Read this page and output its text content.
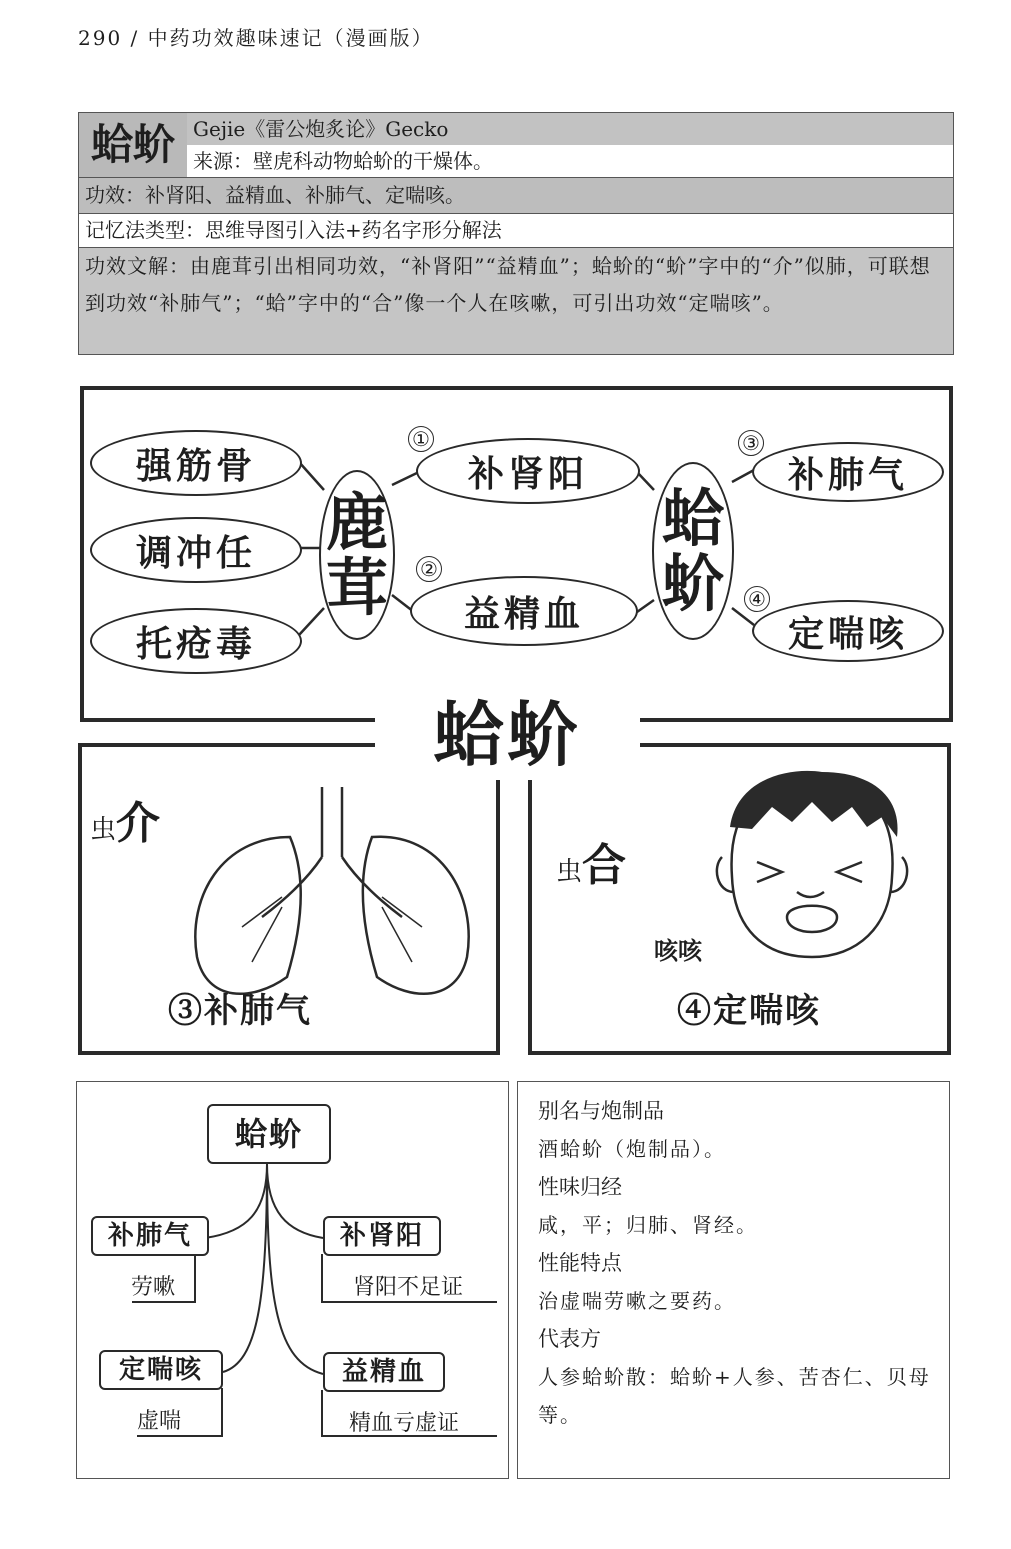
290 / 中药功效趣味速记（漫画版）
蛤蚧 Gejie《雷公炮炙论》Gecko
来源：壁虎科动物蛤蚧的干燥体。
功效：补肾阳、益精血、补肺气、定喘咳。
记忆法类型：思维导图引入法+药名字形分解法
功效文解：由鹿茸引出相同功效，“补肾阳”“益精血”；蛤蚧的“蚧”字中的“介”似肺，可联想到功效“补肺气”；“蛤”字中的“合”像一个人在咳嗽，可引出功效“定喘咳”。
强筋骨
调冲任
托疮毒
鹿
茸
补肾阳
益精血
①
②
蛤
蚧
补肺气
定喘咳
③
④
虫介
③补肺气
虫合
咳咳
④定喘咳
蛤蚧
蛤蚧
补肺气
劳嗽
定喘咳
虚喘
补肾阳
肾阳不足证
益精血
精血亏虚证
别名与炮制品
酒蛤蚧（炮制品）。
性味归经
咸，平；归肺、肾经。
性能特点
治虚喘劳嗽之要药。
代表方
人参蛤蚧散：蛤蚧+人参、苦杏仁、贝母等。
